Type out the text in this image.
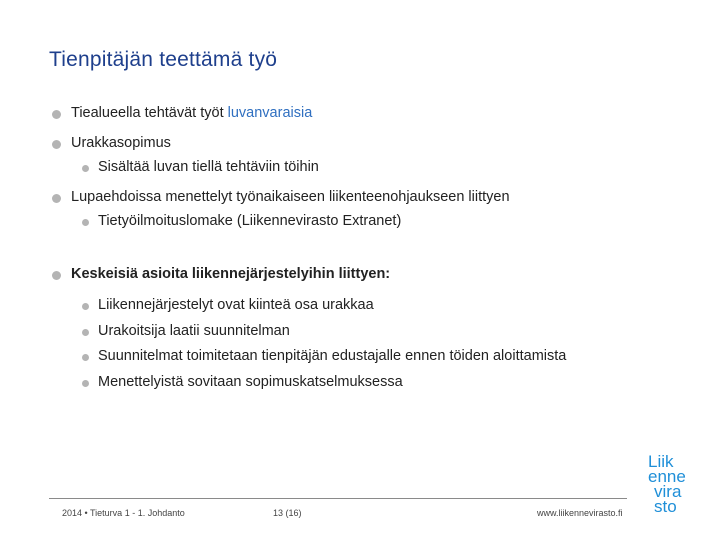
Tienpitäjän teettämä työ
Tiealueella tehtävät työt luvanvaraisia
Urakkasopimus
Sisältää luvan tiellä tehtäviin töihin
Lupaehdoissa menettelyt työnaikaiseen liikenteenohjaukseen liittyen
Tietyöilmoituslomake (Liikennevirasto Extranet)
Keskeisiä asioita liikennejärjestelyihin liittyen:
Liikennejärjestelyt ovat kiinteä osa urakkaa
Urakoitsija laatii suunnitelman
Suunnitelmat toimitetaan tienpitäjän edustajalle ennen töiden aloittamista
Menettelyistä sovitaan sopimuskatselmuksessa
2014 • Tieturva 1 - 1. Johdanto	13 (16)	www.liikennevirasto.fi
Liik
enne
vira
sto
